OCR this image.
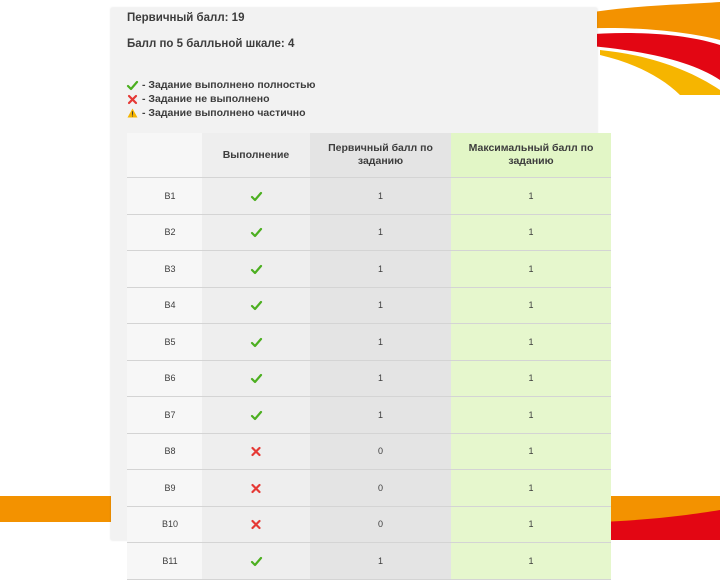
Первичный балл: 19
Балл по 5 балльной шкале: 4
- Задание выполнено полностью
- Задание не выполнено
- Задание выполнено частично
	Выполнение	Первичный балл по заданию	Максимальный балл по заданию
B1		1	1
B2		1	1
B3		1	1
B4		1	1
B5		1	1
B6		1	1
B7		1	1
B8		0	1
B9		0	1
B10		0	1
B11		1	1
